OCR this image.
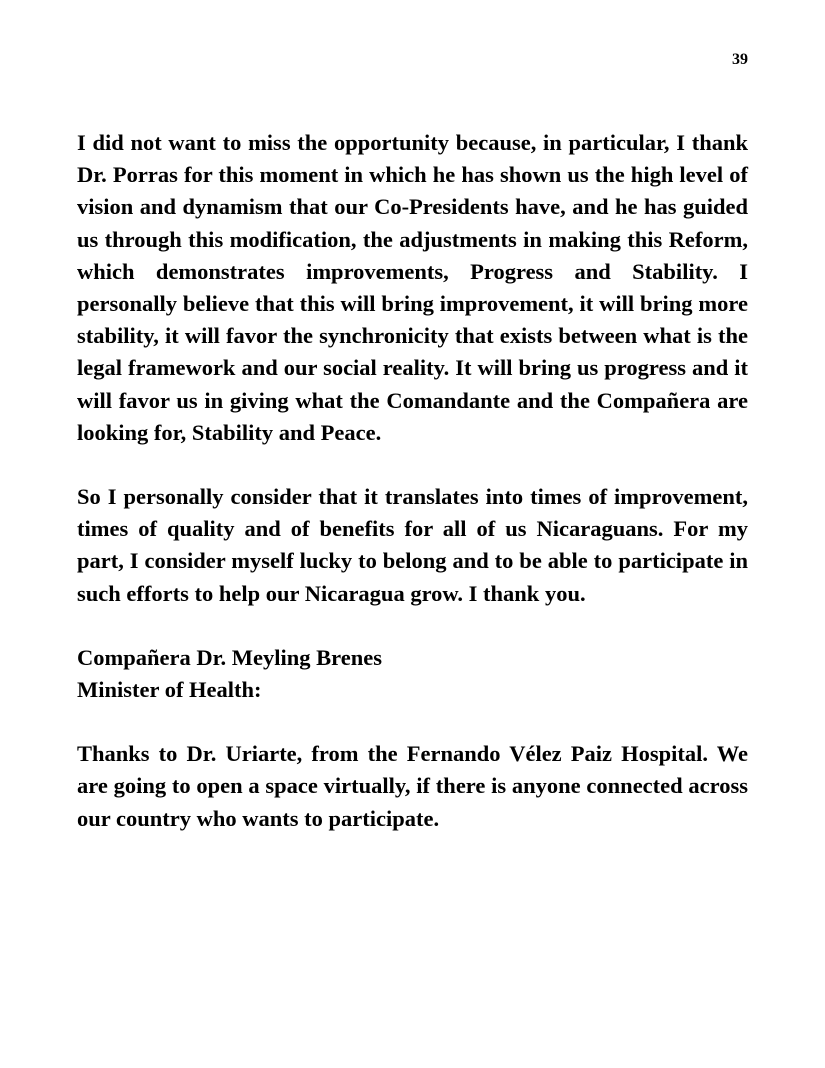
39

I did not want to miss the opportunity because, in particular, I thank Dr. Porras for this moment in which he has shown us the high level of vision and dynamism that our Co-Presidents have, and he has guided us through this modification, the adjustments in making this Reform, which demonstrates improvements, Progress and Stability. I personally believe that this will bring improvement, it will bring more stability, it will favor the synchronicity that exists between what is the legal framework and our social reality. It will bring us progress and it will favor us in giving what the Comandante and the Compañera are looking for, Stability and Peace.

So I personally consider that it translates into times of improvement, times of quality and of benefits for all of us Nicaraguans. For my part, I consider myself lucky to belong and to be able to participate in such efforts to help our Nicaragua grow. I thank you.

Compañera Dr. Meyling Brenes
Minister of Health:

Thanks to Dr. Uriarte, from the Fernando Vélez Paiz Hospital. We are going to open a space virtually, if there is anyone connected across our country who wants to participate.
